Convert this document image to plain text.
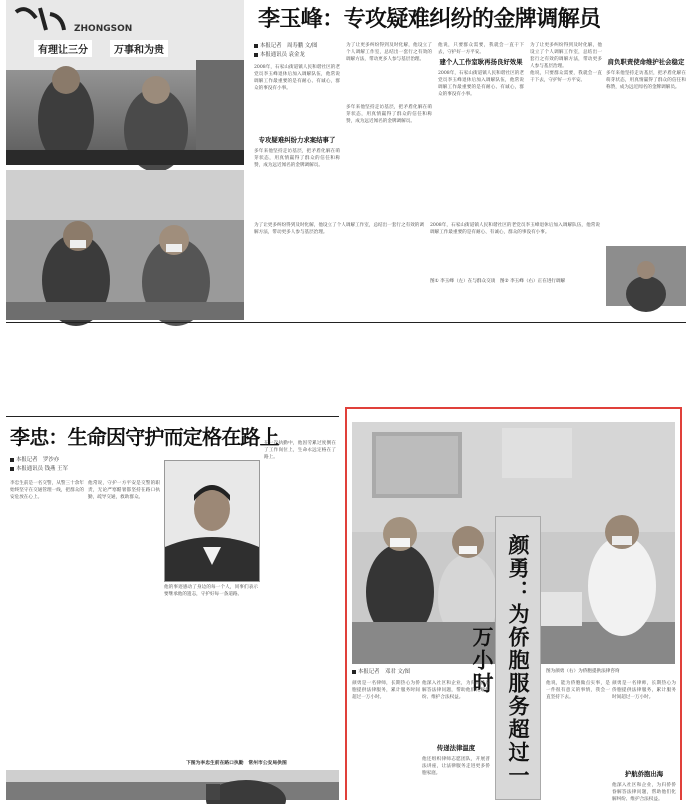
ZHONGSON
有理让三分	万事和为贵
李玉峰：专攻疑难纠纷的金牌调解员
本报记者　周寿鹏 文/图
本报通讯员 袁金龙
2008年，石家山街道镇人民和谐社区的老党员李玉峰退休后加入调解队伍，他常说调解工作最重要的是有耐心、有诚心，群众的事没有小事。
专攻疑难纠纷力求案结事了
多年来他坚持走访基层，把矛盾化解在萌芽状态，用真情赢得了群众的信任和称赞，成为远近闻名的金牌调解员。
为了让更多纠纷得到及时化解，他设立了个人调解工作室，总结出一套行之有效的调解方法，带动更多人参与基层治理。
多年来他坚持走访基层，把矛盾化解在萌芽状态，用真情赢得了群众的信任和称赞，成为远近闻名的金牌调解员。
建个人工作室耿再扬良好效果
他说，只要群众需要，我就会一直干下去，守护好一方平安。
2008年，石家山街道镇人民和谐社区的老党员李玉峰退休后加入调解队伍，他常说调解工作最重要的是有耐心、有诚心，群众的事没有小事。
为了让更多纠纷得到及时化解，他设立了个人调解工作室，总结出一套行之有效的调解方法，带动更多人参与基层治理。
他说，只要群众需要，我就会一直干下去，守护好一方平安。
肩负职责使命维护社会稳定
多年来他坚持走访基层，把矛盾化解在萌芽状态，用真情赢得了群众的信任和称赞，成为远近闻名的金牌调解员。
为了让更多纠纷得到及时化解，他设立了个人调解工作室，总结出一套行之有效的调解方法，带动更多人参与基层治理。
2008年，石家山街道镇人民和谐社区的老党员李玉峰退休后加入调解队伍，他常说调解工作最重要的是有耐心、有诚心，群众的事没有小事。
图① 李玉峰（左）在与群众交谈　图② 李玉峰（右）正在进行调解
李忠：生命因守护而定格在路上
本报记者　罗沙亦
本报通讯员 钱燕 王军
李忠生前是一名交警，从警三十余年始终坚守在交通管理一线，把群众的安危放在心上。
他常说，守护一方平安是交警的职责，无论严寒酷暑都坚持在路口执勤，疏导交通，救助群众。
在一次执勤中，他因劳累过度倒在了工作岗位上，生命永远定格在了路上。
他的事迹感动了身边的每一个人，同事们表示要继承他的遗志，守护好每一条道路。
下图为李忠生前在路口执勤　常州市公安局供图	颜勇：为侨胞服务超过一万小时
本报记者　邓君 文/图
颜勇是一名律师，长期热心为侨胞提供法律服务，累计服务时间超过一万小时。
他深入社区和企业，为归侨侨眷解答法律问题，帮助他们化解纠纷、维护合法权益。
传递法律温度
他还组织律师志愿团队，开展普法讲座，让法律服务走进更多侨胞家庭。
图为颜勇（右）为侨胞提供法律咨询
他说，能为侨胞做点实事，是一件很有意义的事情，我会一直坚持下去。
颜勇是一名律师，长期热心为侨胞提供法律服务，累计服务时间超过一万小时。
护航侨胞出海
他深入社区和企业，为归侨侨眷解答法律问题，帮助他们化解纠纷、维护合法权益。
